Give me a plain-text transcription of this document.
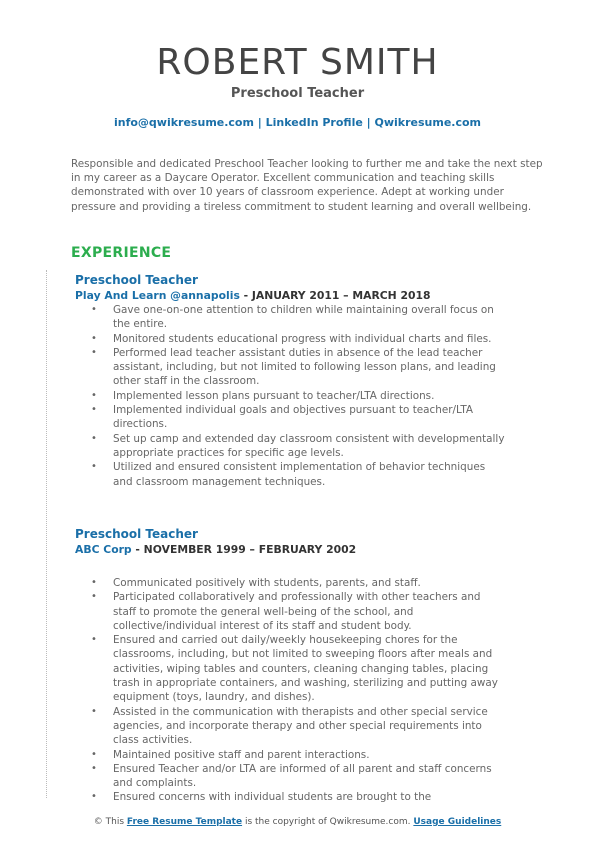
ROBERT SMITH
Preschool Teacher
info@qwikresume.com | LinkedIn Profile | Qwikresume.com
Responsible and dedicated Preschool Teacher looking to further me and take the next step in my career as a Daycare Operator. Excellent communication and teaching skills demonstrated with over 10 years of classroom experience. Adept at working under pressure and providing a tireless commitment to student learning and overall wellbeing.
EXPERIENCE
Preschool Teacher
Play And Learn @annapolis - JANUARY 2011 – MARCH 2018
• Gave one-on-one attention to children while maintaining overall focus on the entire.
• Monitored students educational progress with individual charts and files.
• Performed lead teacher assistant duties in absence of the lead teacher assistant, including, but not limited to following lesson plans, and leading other staff in the classroom.
• Implemented lesson plans pursuant to teacher/LTA directions.
• Implemented individual goals and objectives pursuant to teacher/LTA directions.
• Set up camp and extended day classroom consistent with developmentally appropriate practices for specific age levels.
• Utilized and ensured consistent implementation of behavior techniques and classroom management techniques.
Preschool Teacher
ABC Corp - NOVEMBER 1999 – FEBRUARY 2002
• Communicated positively with students, parents, and staff.
• Participated collaboratively and professionally with other teachers and staff to promote the general well-being of the school, and collective/individual interest of its staff and student body.
• Ensured and carried out daily/weekly housekeeping chores for the classrooms, including, but not limited to sweeping floors after meals and activities, wiping tables and counters, cleaning changing tables, placing trash in appropriate containers, and washing, sterilizing and putting away equipment (toys, laundry, and dishes).
• Assisted in the communication with therapists and other special service agencies, and incorporate therapy and other special requirements into class activities.
• Maintained positive staff and parent interactions.
• Ensured Teacher and/or LTA are informed of all parent and staff concerns and complaints.
• Ensured concerns with individual students are brought to the
© This Free Resume Template is the copyright of Qwikresume.com. Usage Guidelines
